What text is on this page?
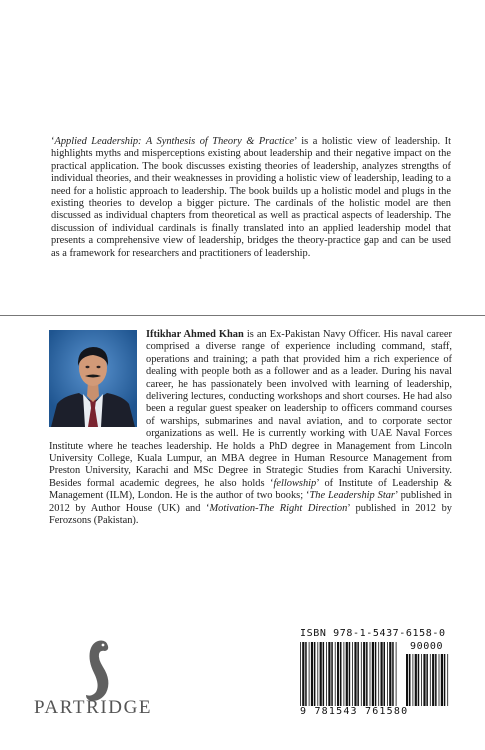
‘Applied Leadership: A Synthesis of Theory & Practice’ is a holistic view of leadership. It highlights myths and misperceptions existing about leadership and their negative impact on the practical application. The book discusses existing theories of leadership, analyzes strengths of individual theories, and their weaknesses in providing a holistic view of leadership, leading to a need for a holistic approach to leadership. The book builds up a holistic model and plugs in the existing theories to develop a bigger picture. The cardinals of the holistic model are then discussed as individual chapters from theoretical as well as practical aspects of leadership. The discussion of individual cardinals is finally translated into an applied leadership model that presents a comprehensive view of leadership, bridges the theory-practice gap and can be used as a framework for researchers and practitioners of leadership.

Iftikhar Ahmed Khan is an Ex-Pakistan Navy Officer. His naval career comprised a diverse range of experience including command, staff, operations and training; a path that provided him a rich experience of dealing with people both as a follower and as a leader. During his naval career, he has passionately been involved with learning of leadership, delivering lectures, conducting workshops and short courses. He had also been a regular guest speaker on leadership to officers command courses of warships, submarines and naval aviation, and to corporate sector organizations as well. He is currently working with UAE Naval Forces Institute where he teaches leadership. He holds a PhD degree in Management from Lincoln University College, Kuala Lumpur, an MBA degree in Human Resource Management from Preston University, Karachi and MSc Degree in Strategic Studies from Karachi University. Besides formal academic degrees, he also holds ‘fellowship’ of Institute of Leadership & Management (ILM), London. He is the author of two books; ‘The Leadership Star’ published in 2012 by Author House (UK) and ‘Motivation-The Right Direction’ published in 2012 by Ferozsons (Pakistan).

ISBN 978-1-5437-6158-0
90000
9 781543 761580
PARTRIDGE
